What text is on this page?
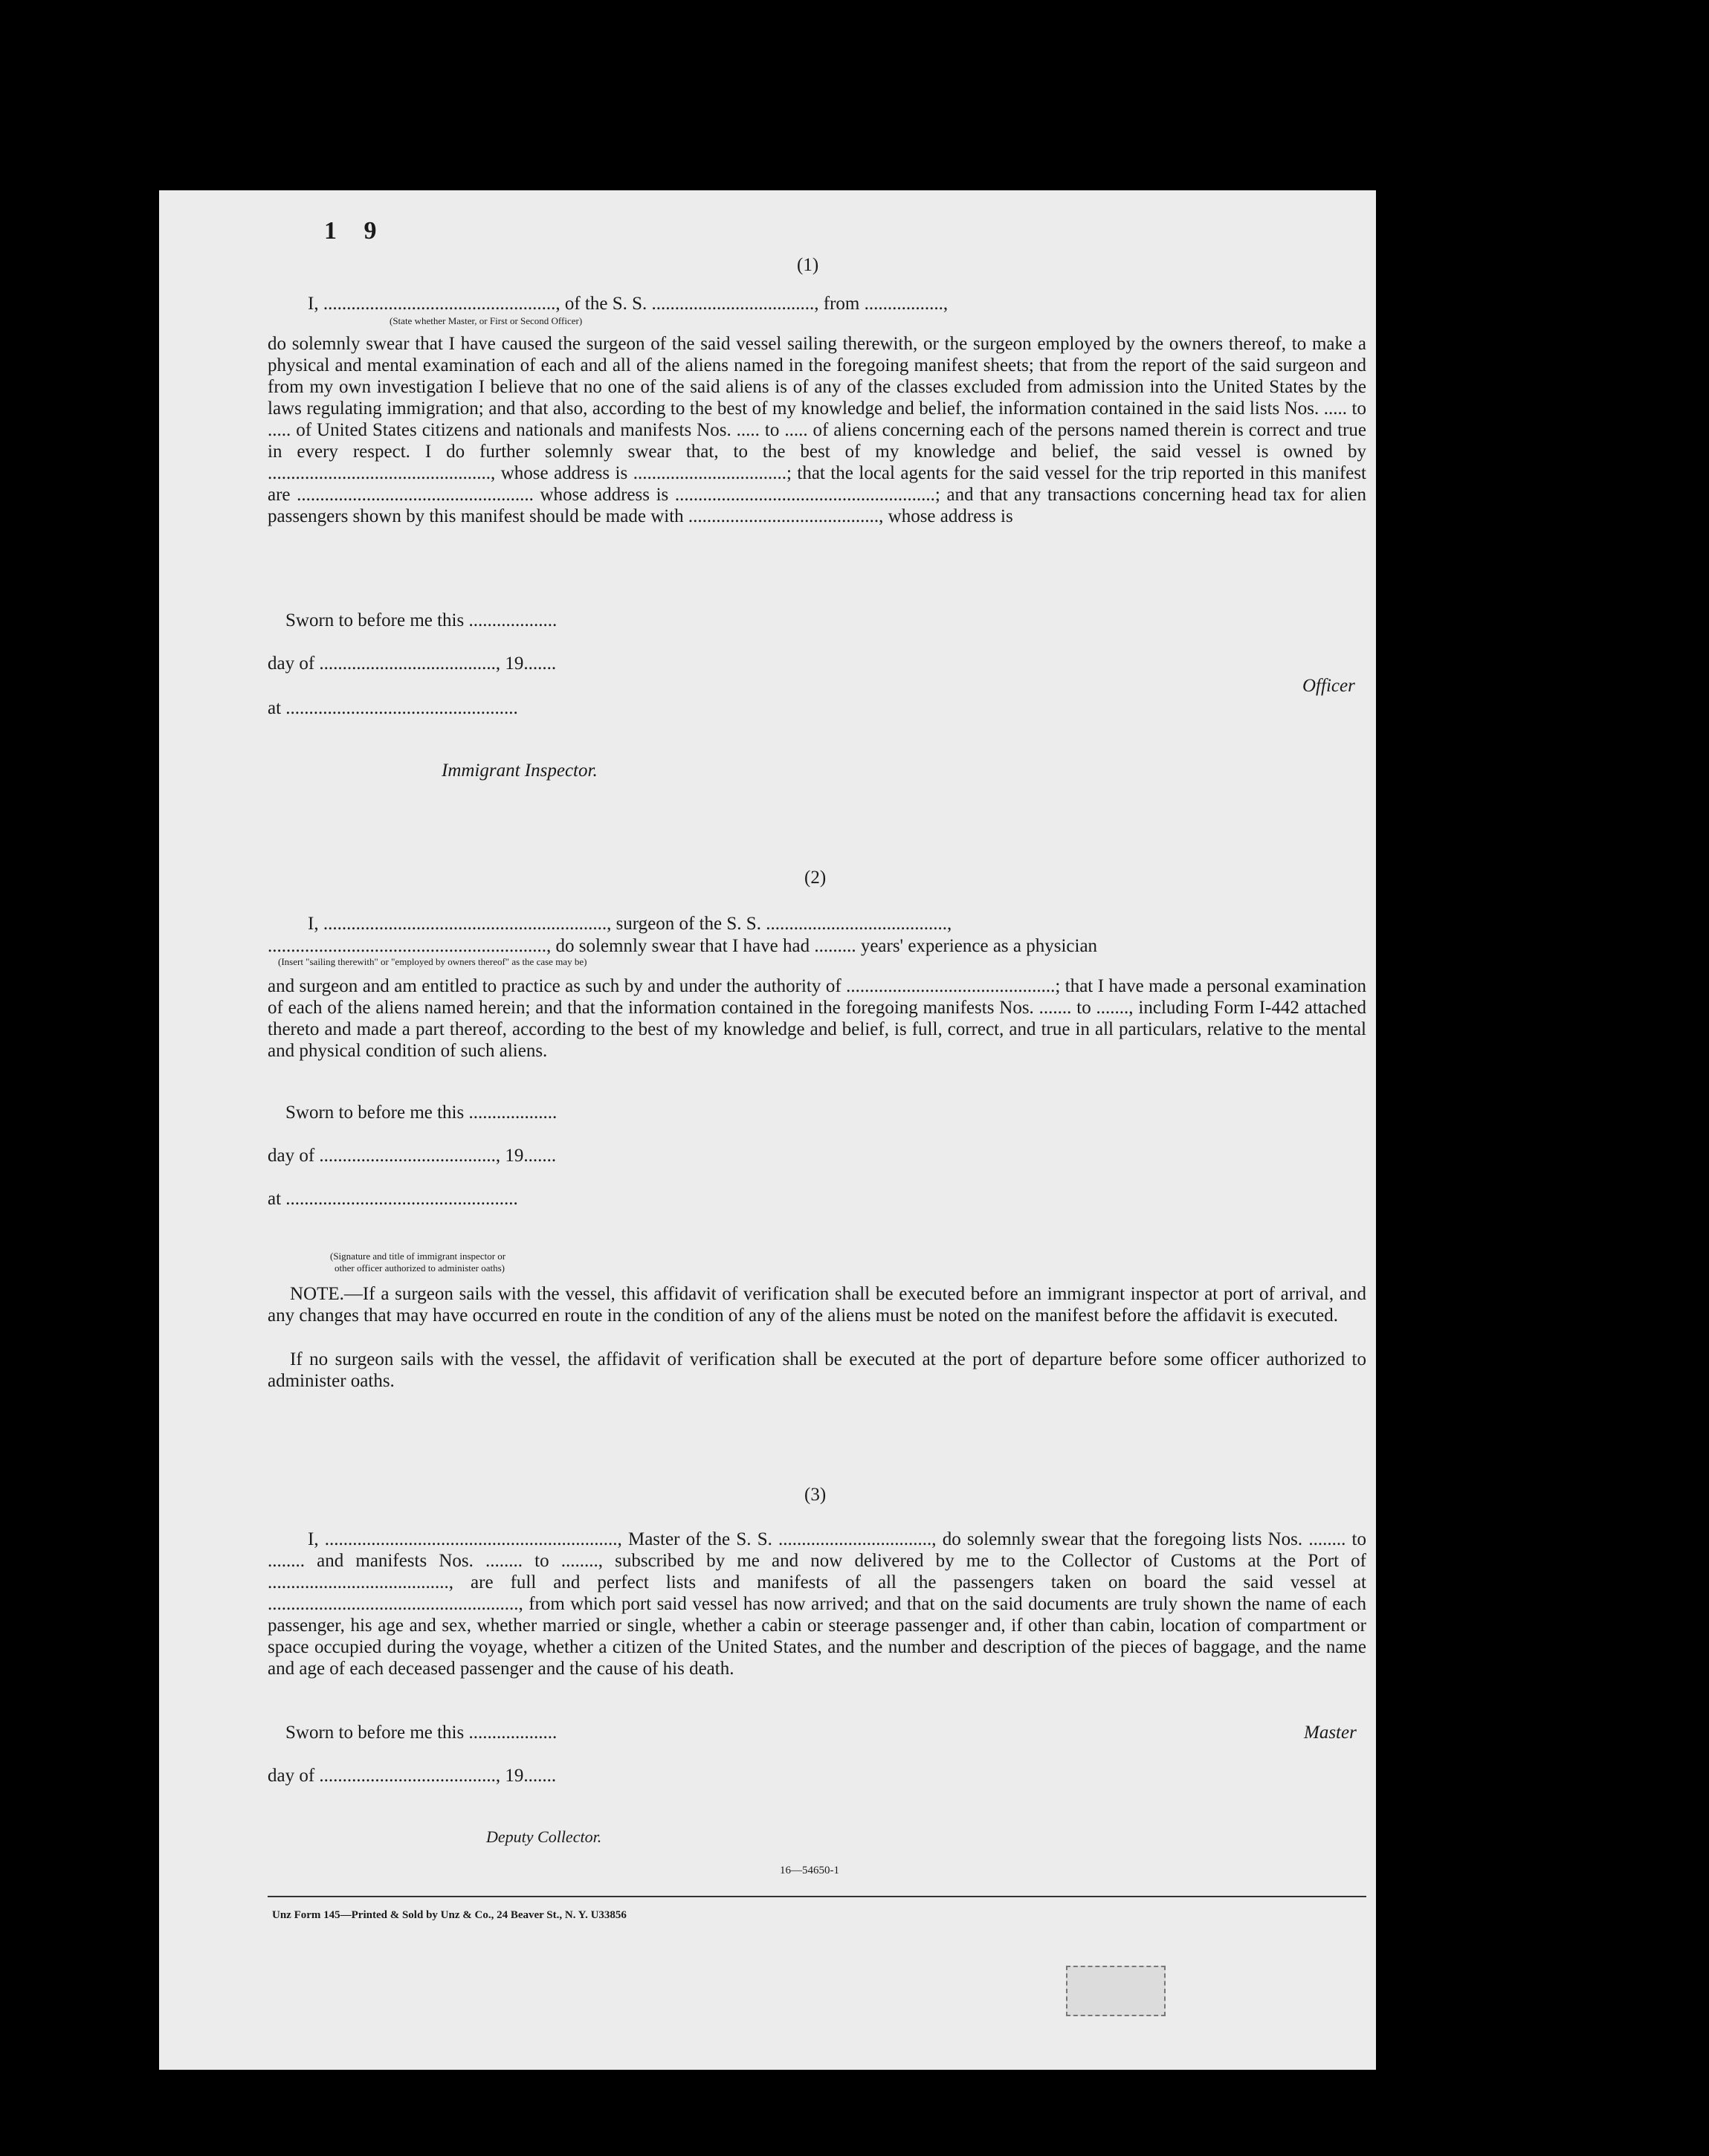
1 9
(1)
I, .................................................., of the S. S. ..................................., from .................,
(State whether Master, or First or Second Officer)
do solemnly swear that I have caused the surgeon of the said vessel sailing therewith, or the surgeon employed by the owners thereof, to make a physical and mental examination of each and all of the aliens named in the foregoing manifest sheets; that from the report of the said surgeon and from my own investigation I believe that no one of the said aliens is of any of the classes excluded from admission into the United States by the laws regulating immigration; and that also, according to the best of my knowledge and belief, the information contained in the said lists Nos. ..... to ..... of United States citizens and nationals and manifests Nos. ..... to ..... of aliens concerning each of the persons named therein is correct and true in every respect. I do further solemnly swear that, to the best of my knowledge and belief, the said vessel is owned by ................................................, whose address is .................................; that the local agents for the said vessel for the trip reported in this manifest are ................................................... whose address is ........................................................; and that any transactions concerning head tax for alien passengers shown by this manifest should be made with ........................................., whose address is
Sworn to before me this ...................
day of ......................................, 19.......
Officer
at ..................................................
Immigrant Inspector.
(2)
I, ............................................................., surgeon of the S. S. .......................................,
............................................................, do solemnly swear that I have had ......... years' experience as a physician
(Insert "sailing therewith" or "employed by owners thereof" as the case may be)
and surgeon and am entitled to practice as such by and under the authority of .............................................; that I have made a personal examination of each of the aliens named herein; and that the information contained in the foregoing manifests Nos. ....... to ......., including Form I-442 attached thereto and made a part thereof, according to the best of my knowledge and belief, is full, correct, and true in all particulars, relative to the mental and physical condition of such aliens.
Sworn to before me this ...................
day of ......................................, 19.......
at ..................................................
(Signature and title of immigrant inspector or
other officer authorized to administer oaths)
NOTE.—If a surgeon sails with the vessel, this affidavit of verification shall be executed before an immigrant inspector at port of arrival, and any changes that may have occurred en route in the condition of any of the aliens must be noted on the manifest before the affidavit is executed.
If no surgeon sails with the vessel, the affidavit of verification shall be executed at the port of departure before some officer authorized to administer oaths.
(3)
I, ..............................................................., Master of the S. S. ................................., do solemnly swear that the foregoing lists Nos. ........ to ........ and manifests Nos. ........ to ........, subscribed by me and now delivered by me to the Collector of Customs at the Port of ......................................., are full and perfect lists and manifests of all the passengers taken on board the said vessel at ......................................................, from which port said vessel has now arrived; and that on the said documents are truly shown the name of each passenger, his age and sex, whether married or single, whether a cabin or steerage passenger and, if other than cabin, location of compartment or space occupied during the voyage, whether a citizen of the United States, and the number and description of the pieces of baggage, and the name and age of each deceased passenger and the cause of his death.
Sworn to before me this ...................	Master
day of ......................................, 19.......
Deputy Collector.
16—54650-1
Unz Form 145—Printed & Sold by Unz & Co., 24 Beaver St., N. Y. U33856
